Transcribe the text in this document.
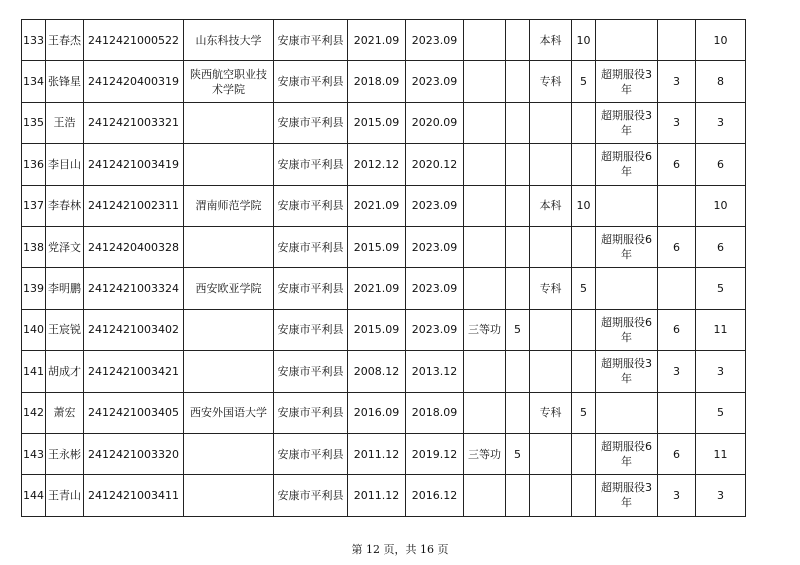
133	王春杰	2412421000522	山东科技大学	安康市平利县	2021.09	2023.09			本科	10			10
134	张锋星	2412420400319	陕西航空职业技术学院	安康市平利县	2018.09	2023.09			专科	5	超期服役3年	3	8
135	王浩	2412421003321		安康市平利县	2015.09	2020.09					超期服役3年	3	3
136	李目山	2412421003419		安康市平利县	2012.12	2020.12					超期服役6年	6	6
137	李春林	2412421002311	渭南师范学院	安康市平利县	2021.09	2023.09			本科	10			10
138	党泽文	2412420400328		安康市平利县	2015.09	2023.09					超期服役6年	6	6
139	李明鹏	2412421003324	西安欧亚学院	安康市平利县	2021.09	2023.09			专科	5			5
140	王宸锐	2412421003402		安康市平利县	2015.09	2023.09	三等功	5			超期服役6年	6	11
141	胡成才	2412421003421		安康市平利县	2008.12	2013.12					超期服役3年	3	3
142	萧宏	2412421003405	西安外国语大学	安康市平利县	2016.09	2018.09			专科	5			5
143	王永彬	2412421003320		安康市平利县	2011.12	2019.12	三等功	5			超期服役6年	6	11
144	王青山	2412421003411		安康市平利县	2011.12	2016.12					超期服役3年	3	3
第 12 页，共 16 页
